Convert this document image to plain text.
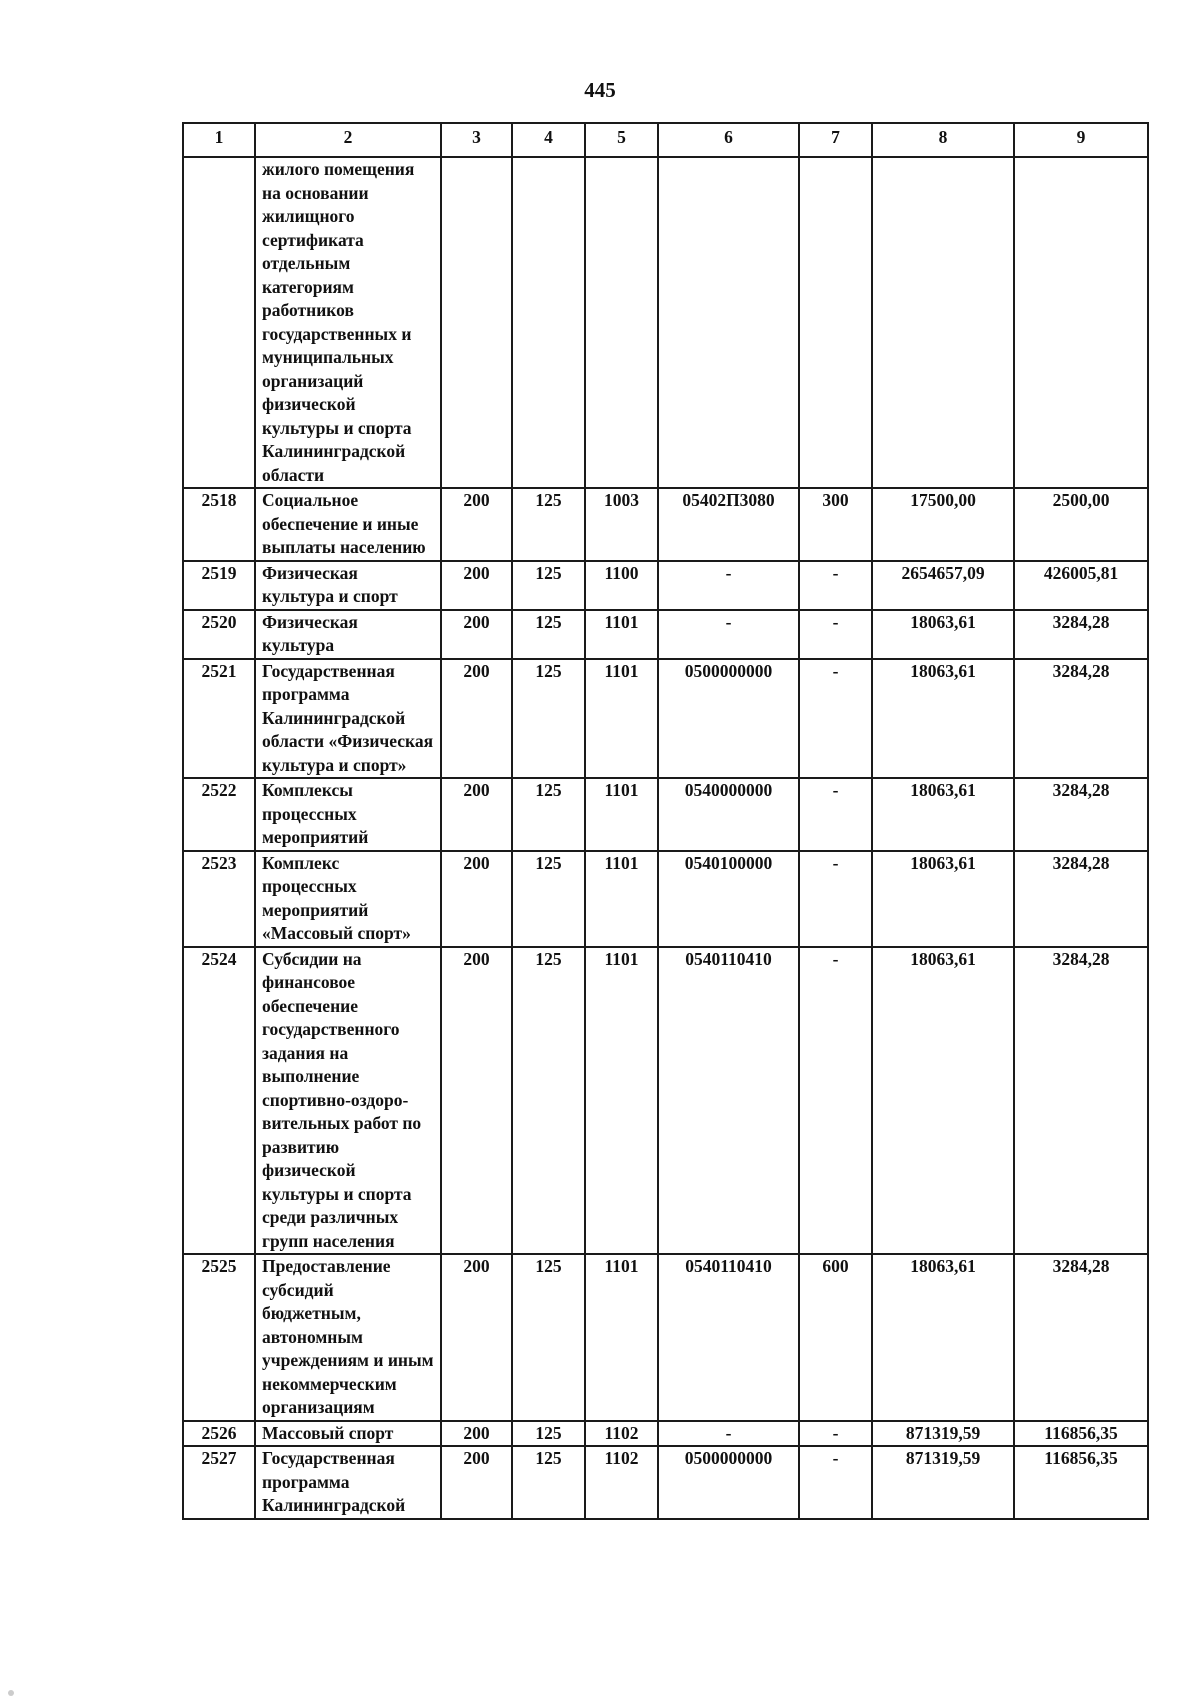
445
1	2	3	4	5	6	7	8	9
	жилого помещения на основании жилищного сертификата отдельным категориям работников государственных и муниципальных организаций физической культуры и спорта Калининградской области							
2518	Социальное обеспечение и иные выплаты населению	200	125	1003	05402П3080	300	17500,00	2500,00
2519	Физическая культура и спорт	200	125	1100	-	-	2654657,09	426005,81
2520	Физическая культура	200	125	1101	-	-	18063,61	3284,28
2521	Государственная программа Калининградской области «Физическая культура и спорт»	200	125	1101	0500000000	-	18063,61	3284,28
2522	Комплексы процессных мероприятий	200	125	1101	0540000000	-	18063,61	3284,28
2523	Комплекс процессных мероприятий «Массовый спорт»	200	125	1101	0540100000	-	18063,61	3284,28
2524	Субсидии на финансовое обеспечение государственного задания на выполнение спортивно-оздоро-вительных работ по развитию физической культуры и спорта среди различных групп населения	200	125	1101	0540110410	-	18063,61	3284,28
2525	Предоставление субсидий бюджетным, автономным учреждениям и иным некоммерческим организациям	200	125	1101	0540110410	600	18063,61	3284,28
2526	Массовый спорт	200	125	1102	-	-	871319,59	116856,35
2527	Государственная программа Калининградской	200	125	1102	0500000000	-	871319,59	116856,35
